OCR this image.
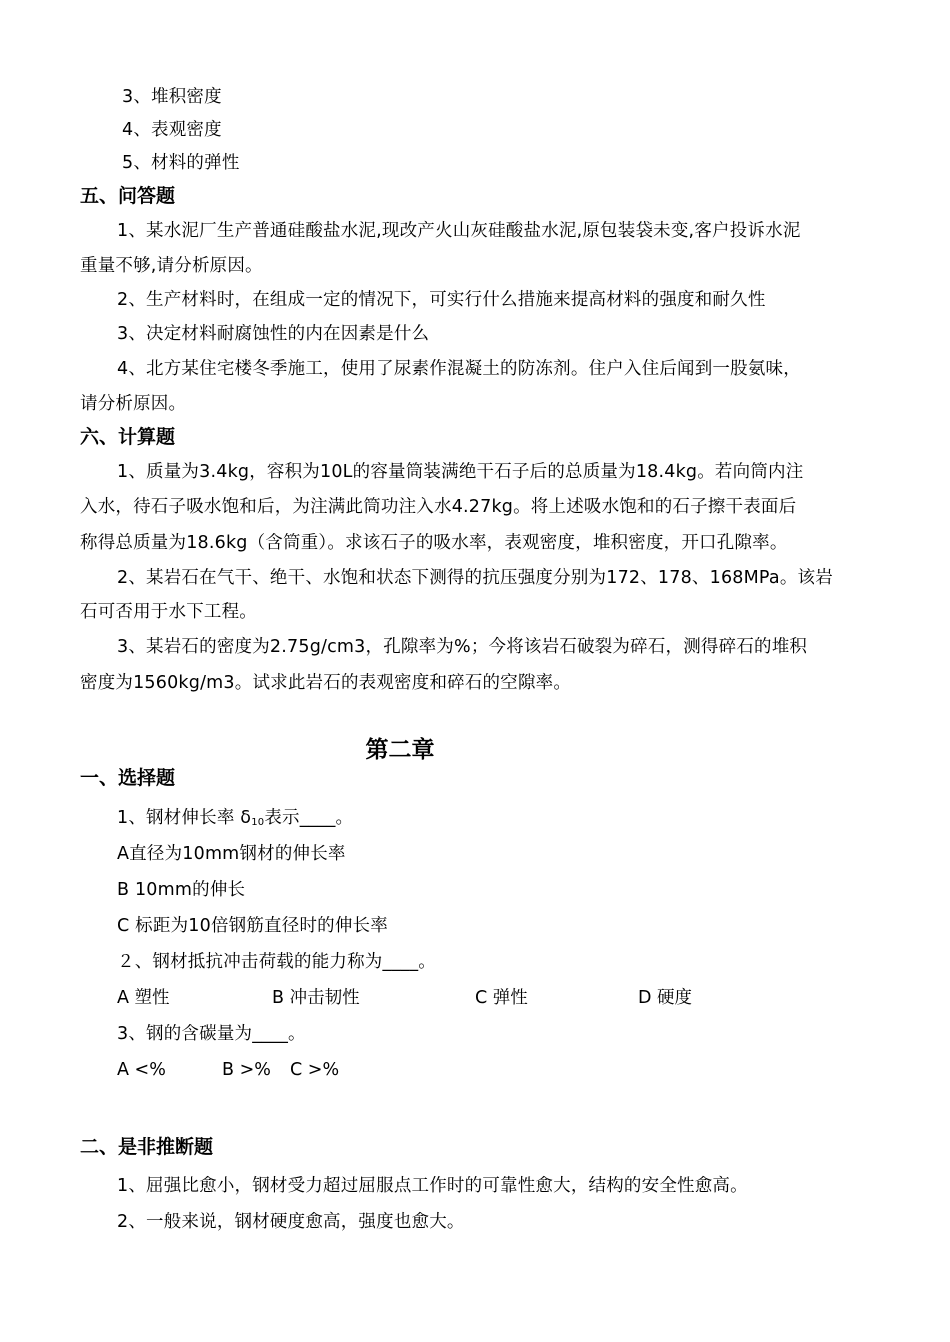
3、堆积密度
4、表观密度
5、材料的弹性
五、问答题
1、某水泥厂生产普通硅酸盐水泥,现改产火山灰硅酸盐水泥,原包装袋未变,客户投诉水泥
重量不够,请分析原因。
2、生产材料时，在组成一定的情况下，可实行什么措施来提高材料的强度和耐久性
3、决定材料耐腐蚀性的内在因素是什么
4、北方某住宅楼冬季施工，使用了尿素作混凝土的防冻剂。住户入住后闻到一股氨味，
请分析原因。
六、计算题
1、质量为3.4kg，容积为10L的容量筒装满绝干石子后的总质量为18.4kg。若向筒内注
入水，待石子吸水饱和后，为注满此筒功注入水4.27kg。将上述吸水饱和的石子擦干表面后
称得总质量为18.6kg（含筒重）。求该石子的吸水率，表观密度，堆积密度，开口孔隙率。
2、某岩石在气干、绝干、水饱和状态下测得的抗压强度分别为172、178、168MPa。该岩
石可否用于水下工程。
3、某岩石的密度为2.75g/cm3，孔隙率为%；今将该岩石破裂为碎石，测得碎石的堆积
密度为1560kg/m3。试求此岩石的表观密度和碎石的空隙率。
第二章
一、选择题
1、钢材伸长率 $\delta_{10}$表示____。
A直径为10mm钢材的伸长率
B 10mm的伸长
C 标距为10倍钢筋直径时的伸长率
２、钢材抵抗冲击荷载的能力称为____。
A 塑性	B 冲击韧性	C 弹性	D 硬度
3、钢的含碳量为____。
A <%	B >% C >%
二、是非推断题
1、屈强比愈小，钢材受力超过屈服点工作时的可靠性愈大，结构的安全性愈高。
2、一般来说，钢材硬度愈高，强度也愈大。
